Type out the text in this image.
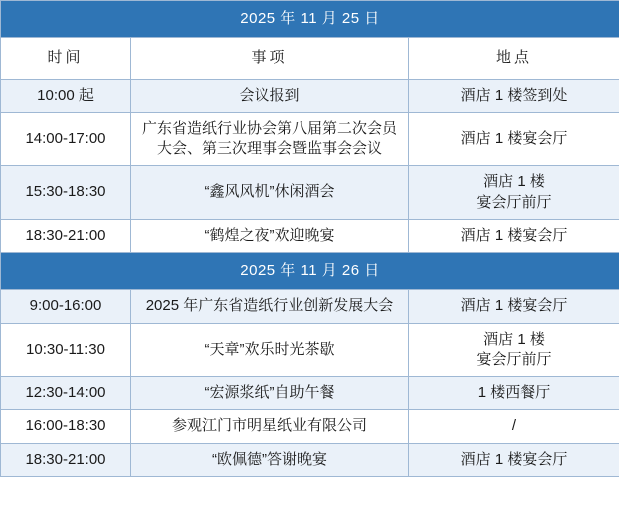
2025 年 11 月 25 日		
时间	事项	地点
10:00 起	会议报到	酒店 1 楼签到处
14:00-17:00	广东省造纸行业协会第八届第二次会员大会、第三次理事会暨监事会会议	酒店 1 楼宴会厅
15:30-18:30	“鑫风风机”休闲酒会	酒店 1 楼
宴会厅前厅
18:30-21:00	“鹤煌之夜”欢迎晚宴	酒店 1 楼宴会厅
2025 年 11 月 26 日		
9:00-16:00	2025 年广东省造纸行业创新发展大会	酒店 1 楼宴会厅
10:30-11:30	“天章”欢乐时光茶歇	酒店 1 楼
宴会厅前厅
12:30-14:00	“宏源浆纸”自助午餐	1 楼西餐厅
16:00-18:30	参观江门市明星纸业有限公司	/
18:30-21:00	“欧佩德”答谢晚宴	酒店 1 楼宴会厅
